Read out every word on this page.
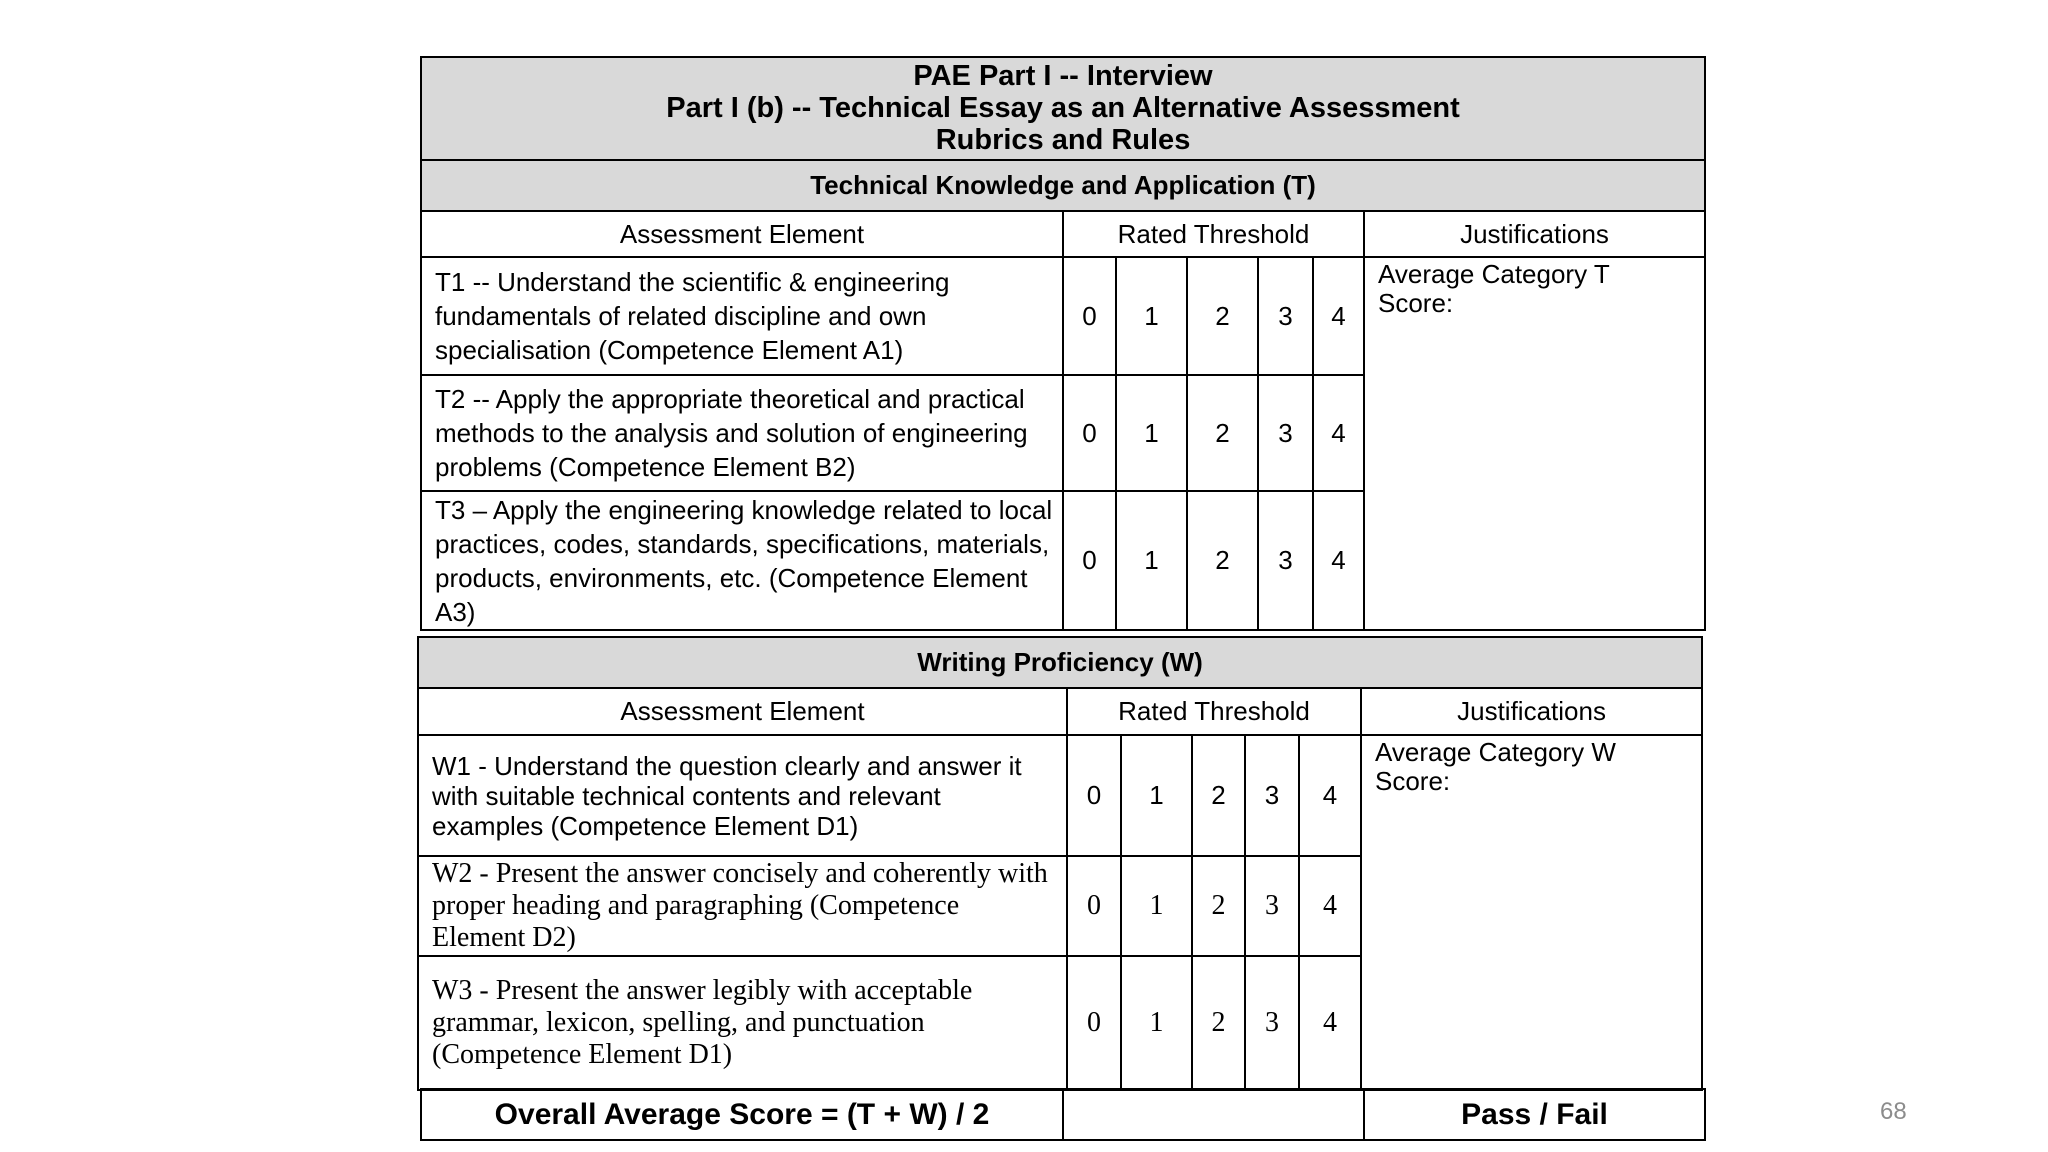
PAE Part I -- Interview
Part I (b) -- Technical Essay as an Alternative Assessment
Rubrics and Rules						

Technical Knowledge and Application (T)						
Assessment Element	Rated Threshold					Justifications
T1 -- Understand the scientific & engineering fundamentals of related discipline and own specialisation (Competence Element A1)	0	1	2	3	4	Average Category T
Score:

T2 -- Apply the appropriate theoretical and practical methods to the analysis and solution of engineering problems (Competence Element B2)	0	1	2	3	4	
T3 – Apply the engineering knowledge related to local practices, codes, standards, specifications, materials, products, environments, etc. (Competence Element A3)	0	1	2	3	4	
Writing Proficiency (W)						
Assessment Element	Rated Threshold					Justifications
W1 - Understand the question clearly and answer it with suitable technical contents and relevant examples (Competence Element D1)	0	1	2	3	4	Average Category W
Score:

W2 - Present the answer concisely and coherently with proper heading and paragraphing (Competence Element D2)	0	1	2	3	4	
W3 - Present the answer legibly with acceptable grammar, lexicon, spelling, and punctuation (Competence Element D1)	0	1	2	3	4	
Overall Average Score = (T + W) / 2		Pass / Fail	68
